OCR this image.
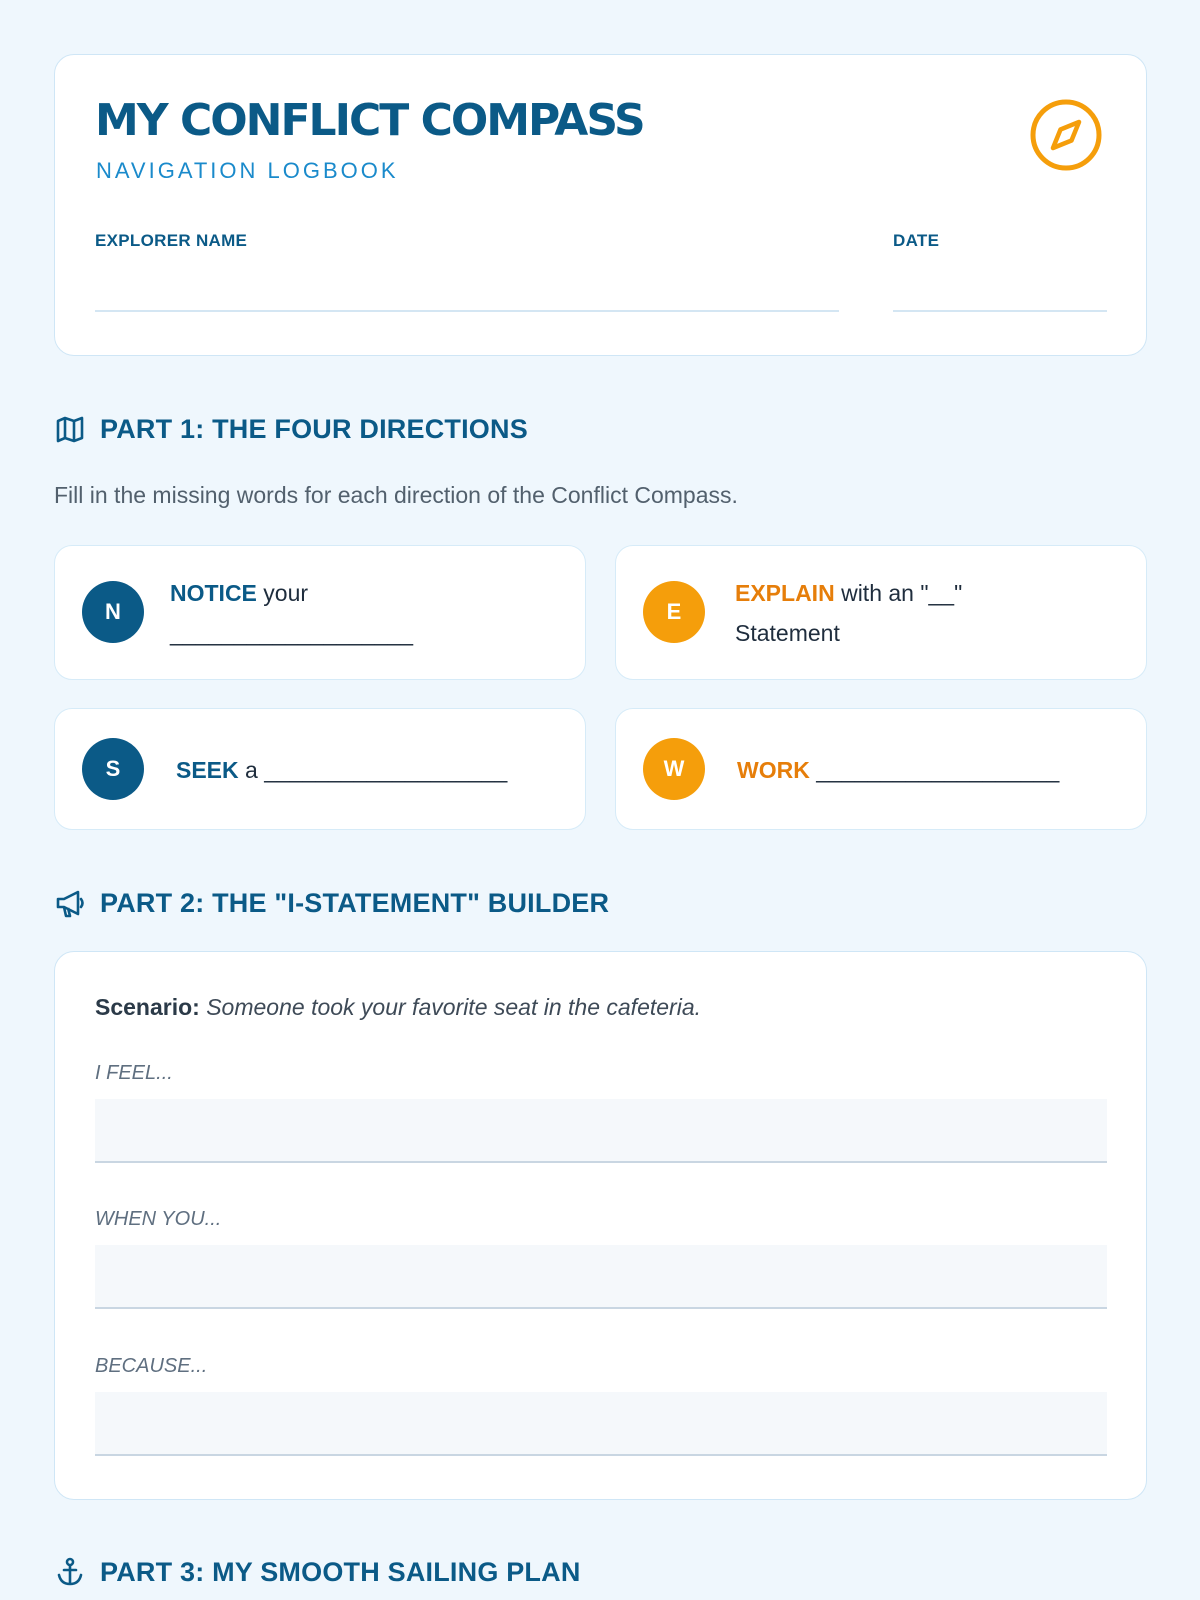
MY CONFLICT COMPASS
NAVIGATION LOGBOOK
EXPLORER NAME	DATE
PART 1: THE FOUR DIRECTIONS
Fill in the missing words for each direction of the Conflict Compass.
N
NOTICE your
___________________
E
EXPLAIN with an "__"
Statement
S	SEEK a ___________________	W	WORK ___________________
PART 2: THE "I-STATEMENT" BUILDER
Scenario: Someone took your favorite seat in the cafeteria.
I FEEL...
WHEN YOU...
BECAUSE...
PART 3: MY SMOOTH SAILING PLAN
